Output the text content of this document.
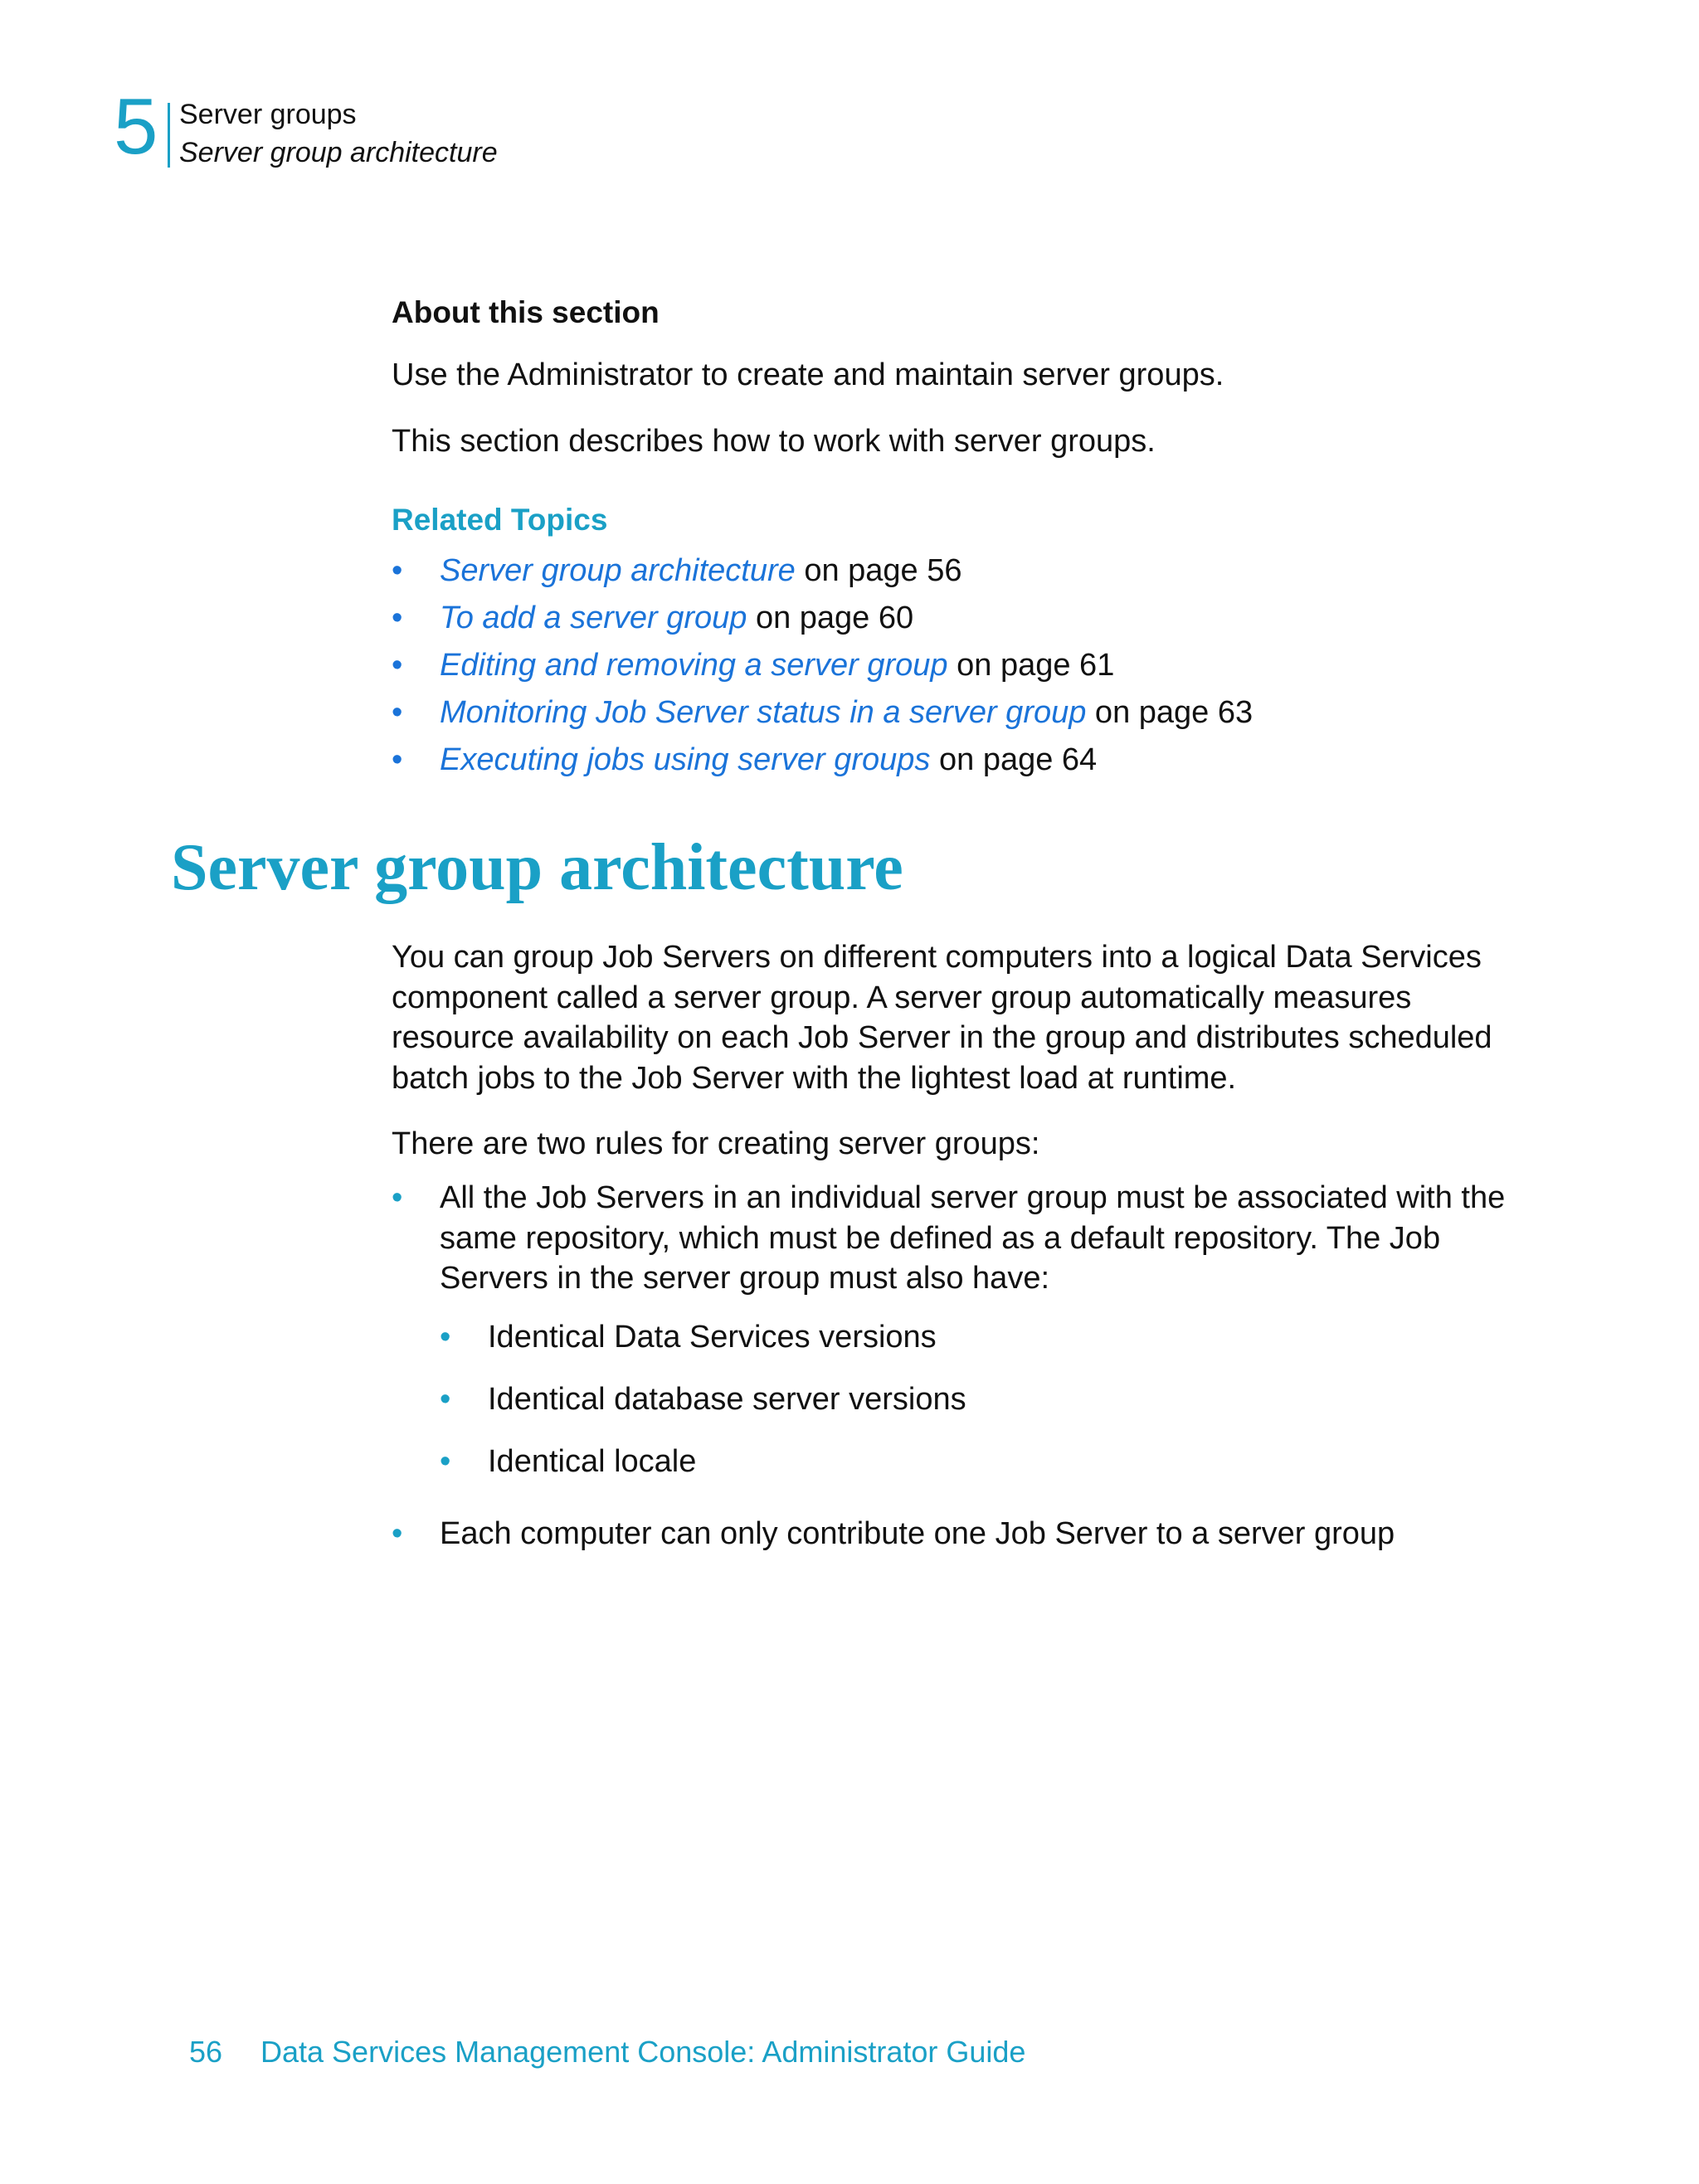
5 Server groups
Server group architecture
About this section
Use the Administrator to create and maintain server groups.
This section describes how to work with server groups.
Related Topics
• Server group architecture on page 56
• To add a server group on page 60
• Editing and removing a server group on page 61
• Monitoring Job Server status in a server group on page 63
• Executing jobs using server groups on page 64
Server group architecture
You can group Job Servers on different computers into a logical Data Services component called a server group. A server group automatically measures resource availability on each Job Server in the group and distributes scheduled batch jobs to the Job Server with the lightest load at runtime.
There are two rules for creating server groups:
• All the Job Servers in an individual server group must be associated with the same repository, which must be defined as a default repository. The Job Servers in the server group must also have:
• Identical Data Services versions
• Identical database server versions
• Identical locale
• Each computer can only contribute one Job Server to a server group
56 Data Services Management Console: Administrator Guide
